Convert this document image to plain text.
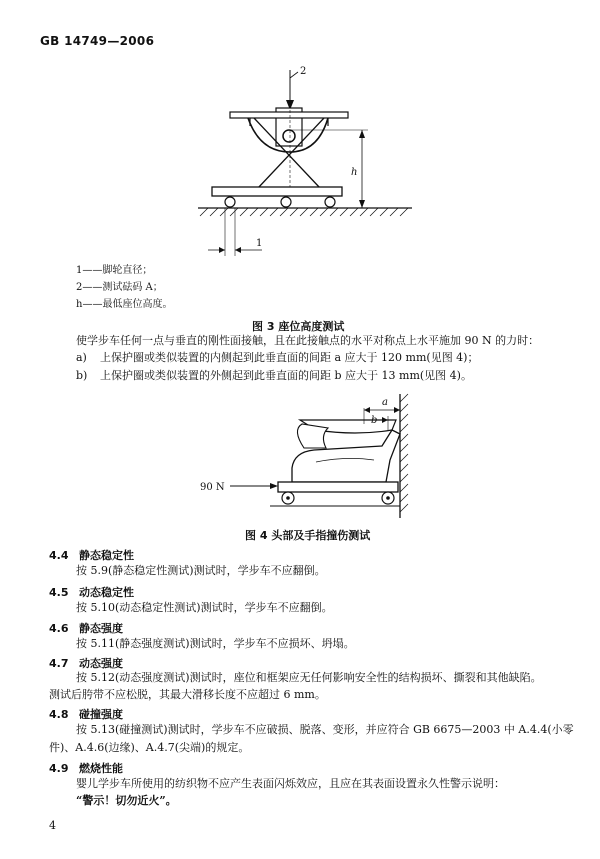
GB 14749—2006
2
h
1
1——脚轮直径；
2——测试砝码 A；
h——最低座位高度。
图 3 座位高度测试
使学步车任何一点与垂直的刚性面接触，且在此接触点的水平对称点上水平施加 90 N 的力时：
a) 上保护圈或类似装置的内侧起到此垂直面的间距 a 应大于 120 mm(见图 4)；
b) 上保护圈或类似装置的外侧起到此垂直面的间距 b 应大于 13 mm(见图 4)。
90 N
a
b
图 4 头部及手指撞伤测试
4.4 静态稳定性
按 5.9(静态稳定性测试)测试时，学步车不应翻倒。
4.5 动态稳定性
按 5.10(动态稳定性测试)测试时，学步车不应翻倒。
4.6 静态强度
按 5.11(静态强度测试)测试时，学步车不应损坏、坍塌。
4.7 动态强度
按 5.12(动态强度测试)测试时，座位和框架应无任何影响安全性的结构损坏、撕裂和其他缺陷。
测试后胯带不应松脱，其最大滑移长度不应超过 6 mm。
4.8 碰撞强度
按 5.13(碰撞测试)测试时，学步车不应破损、脱落、变形，并应符合 GB 6675—2003 中 A.4.4(小零
件)、A.4.6(边缘)、A.4.7(尖端)的规定。
4.9 燃烧性能
婴儿学步车所使用的纺织物不应产生表面闪烁效应，且应在其表面设置永久性警示说明：
“警示！切勿近火”。
4
